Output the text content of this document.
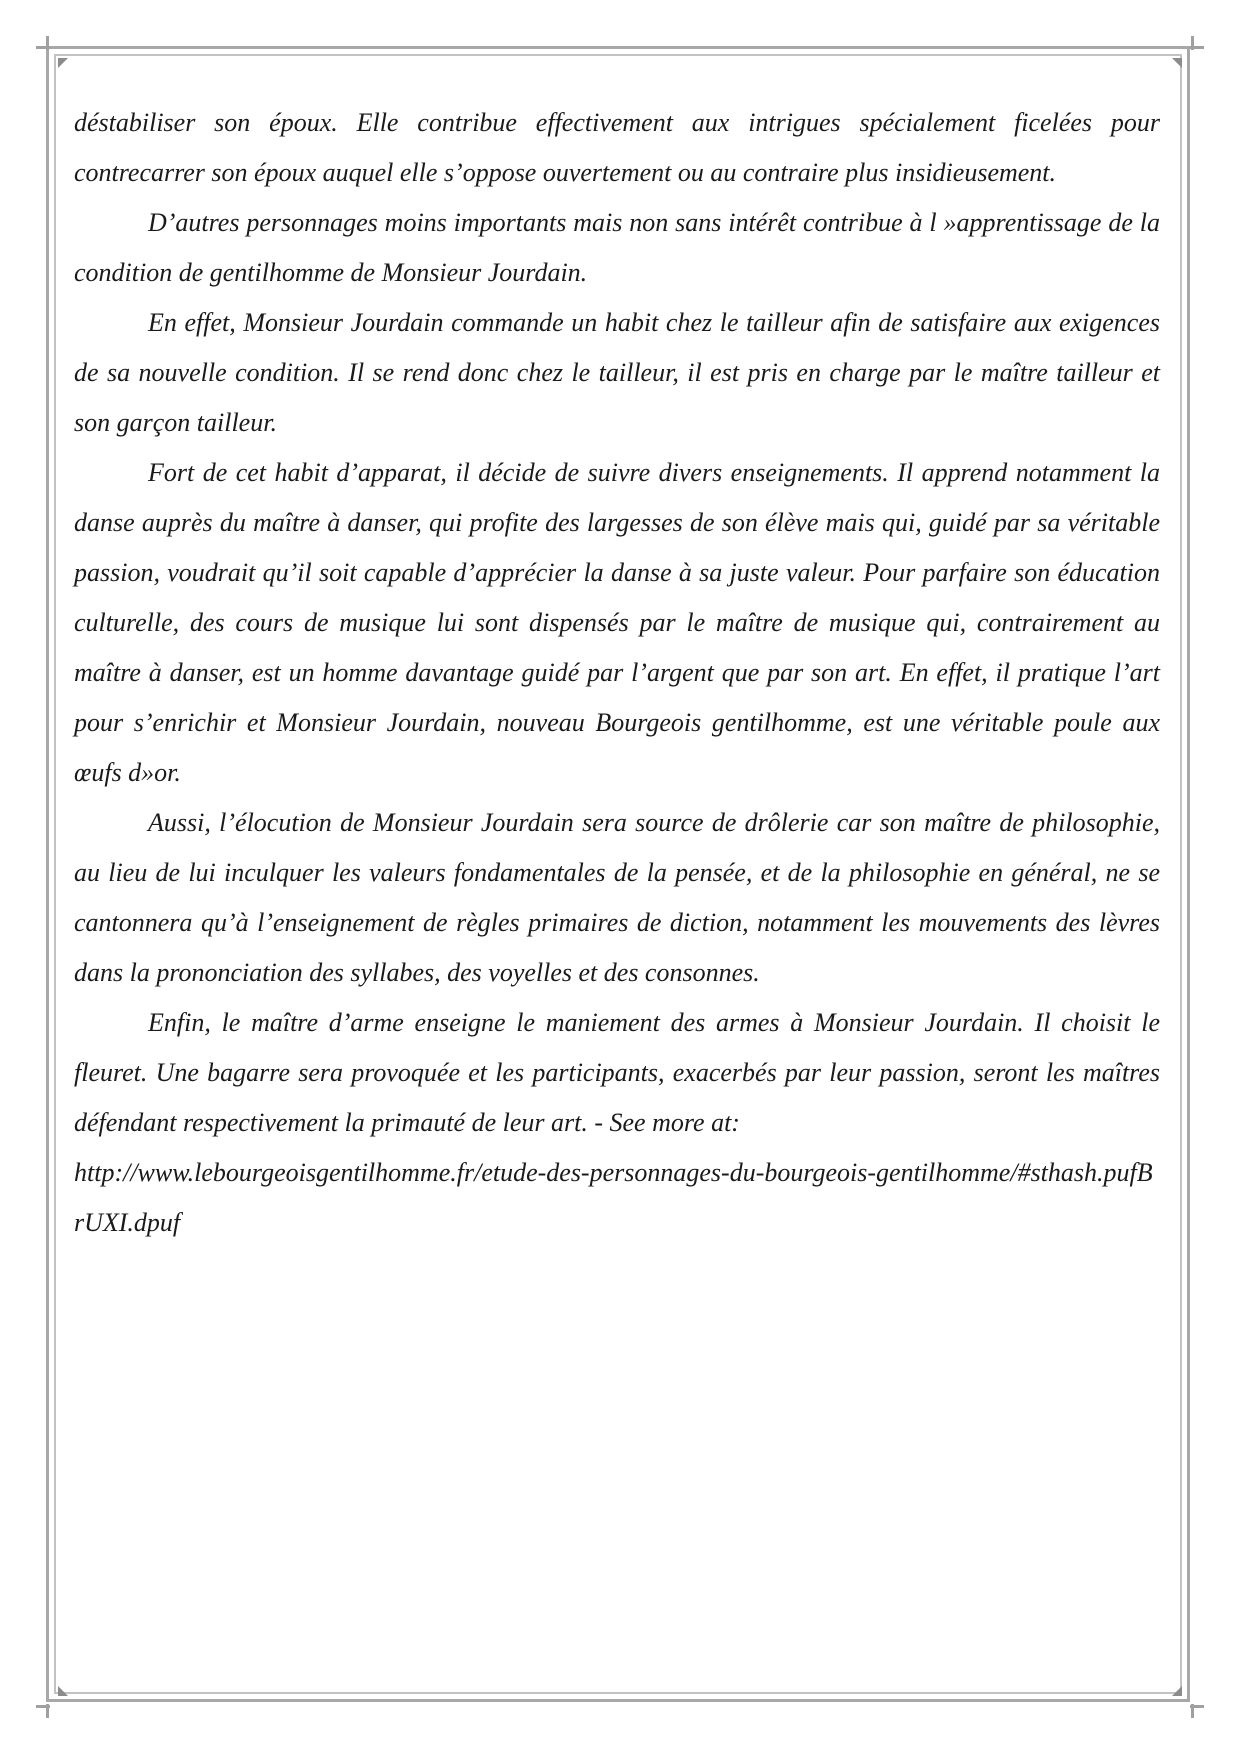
déstabiliser son époux. Elle contribue effectivement aux intrigues spécialement ficelées pour contrecarrer son époux auquel elle s’oppose ouvertement ou au contraire plus insidieusement.

D’autres personnages moins importants mais non sans intérêt contribue à l »apprentissage de la condition de gentilhomme de Monsieur Jourdain.

En effet, Monsieur Jourdain commande un habit chez le tailleur afin de satisfaire aux exigences de sa nouvelle condition. Il se rend donc chez le tailleur, il est pris en charge par le maître tailleur et son garçon tailleur.

Fort de cet habit d’apparat, il décide de suivre divers enseignements. Il apprend notamment la danse auprès du maître à danser, qui profite des largesses de son élève mais qui, guidé par sa véritable passion, voudrait qu’il soit capable d’apprécier la danse à sa juste valeur. Pour parfaire son éducation culturelle, des cours de musique lui sont dispensés par le maître de musique qui, contrairement au maître à danser, est un homme davantage guidé par l’argent que par son art. En effet, il pratique l’art pour s’enrichir et Monsieur Jourdain, nouveau Bourgeois gentilhomme, est une véritable poule aux œufs d»or.

Aussi, l’élocution de Monsieur Jourdain sera source de drôlerie car son maître de philosophie, au lieu de lui inculquer les valeurs fondamentales de la pensée, et de la philosophie en général, ne se cantonnera qu’à l’enseignement de règles primaires de diction, notamment les mouvements des lèvres dans la prononciation des syllabes, des voyelles et des consonnes.

Enfin, le maître d’arme enseigne le maniement des armes à Monsieur Jourdain. Il choisit le fleuret. Une bagarre sera provoquée et les participants, exacerbés par leur passion, seront les maîtres défendant respectivement la primauté de leur art. - See more at:

http://www.lebourgeoisgentilhomme.fr/etude-des-personnages-du-bourgeois-gentilhomme/#sthash.pufBrUXI.dpuf
